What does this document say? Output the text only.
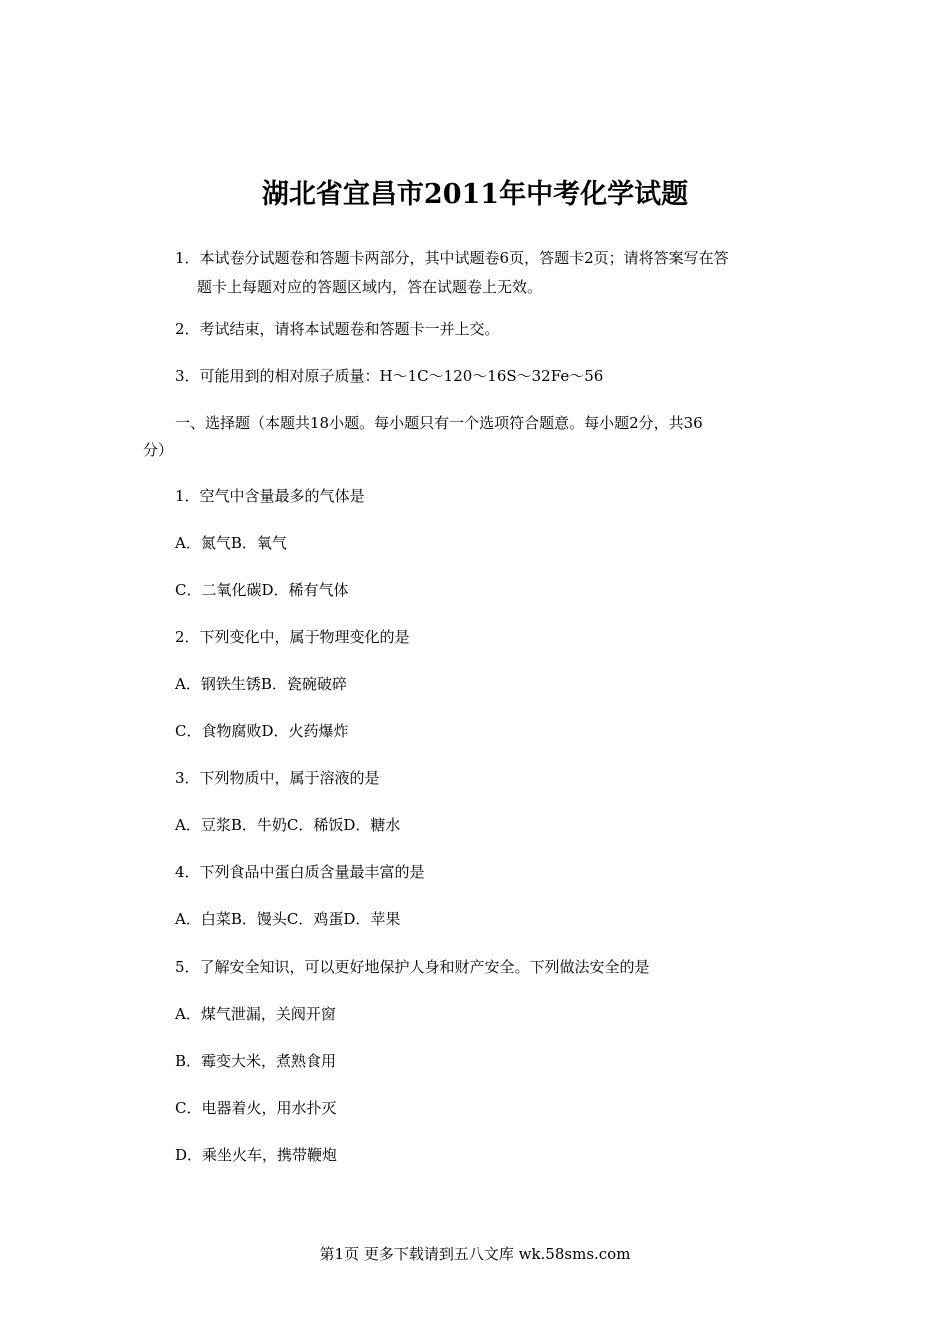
湖北省宜昌市2011年中考化学试题
1．本试卷分试题卷和答题卡两部分，其中试题卷6页，答题卡2页；请将答案写在答
题卡上每题对应的答题区域内，答在试题卷上无效。
2．考试结束，请将本试题卷和答题卡一并上交。
3．可能用到的相对原子质量：H～1C～120～16S～32Fe～56
一、选择题（本题共18小题。每小题只有一个选项符合题意。每小题2分，共36
分）
1．空气中含量最多的气体是
A．氮气B．氧气
C．二氧化碳D．稀有气体
2．下列变化中，属于物理变化的是
A．钢铁生锈B．瓷碗破碎
C．食物腐败D．火药爆炸
3．下列物质中，属于溶液的是
A．豆浆B．牛奶C．稀饭D．糖水
4．下列食品中蛋白质含量最丰富的是
A．白菜B．馒头C．鸡蛋D．苹果
5．了解安全知识，可以更好地保护人身和财产安全。下列做法安全的是
A．煤气泄漏，关阀开窗
B．霉变大米，煮熟食用
C．电器着火，用水扑灭
D．乘坐火车，携带鞭炮
第1页 更多下载请到五八文库 wk.58sms.com
